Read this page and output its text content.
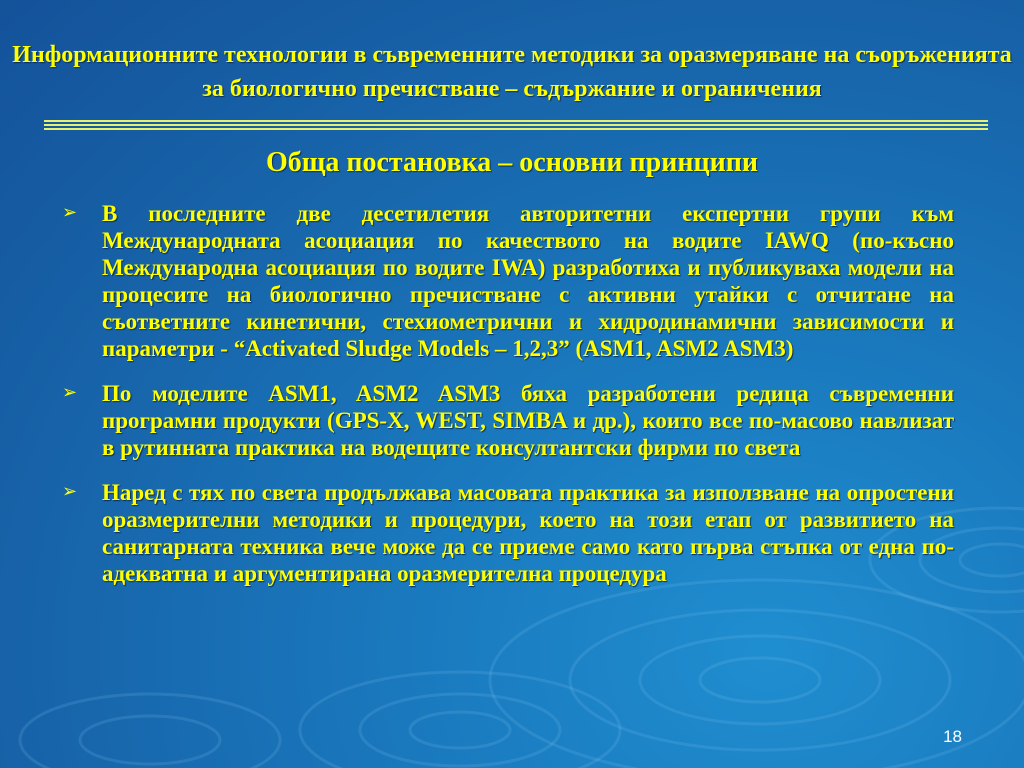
Информационните технологии в съвременните методики за оразмеряване на съоръженията за биологично пречистване – съдържание и ограничения
Обща постановка – основни принципи
➢ В последните две десетилетия авторитетни експертни групи към Международната асоциация по качеството на водите IAWQ (по-късно Международна асоциация по водите IWA) разработиха и публикуваха модели на процесите на биологично пречистване с активни утайки с отчитане на съответните кинетични, стехиометрични и хидродинамични зависимости и параметри - “Activated Sludge Models – 1,2,3” (ASM1, ASM2 ASM3)
➢ По моделите ASM1, ASM2 ASM3 бяха разработени редица съвременни програмни продукти (GPS-X, WEST, SIMBA и др.), които все по-масово навлизат в рутинната практика на водещите консултантски фирми по света
➢ Наред с тях по света продължава масовата практика за използване на опростени оразмерителни методики и процедури, което на този етап от развитието на санитарната техника вече може да се приеме само като първа стъпка от една по-адекватна и аргументирана оразмерителна процедура
18
